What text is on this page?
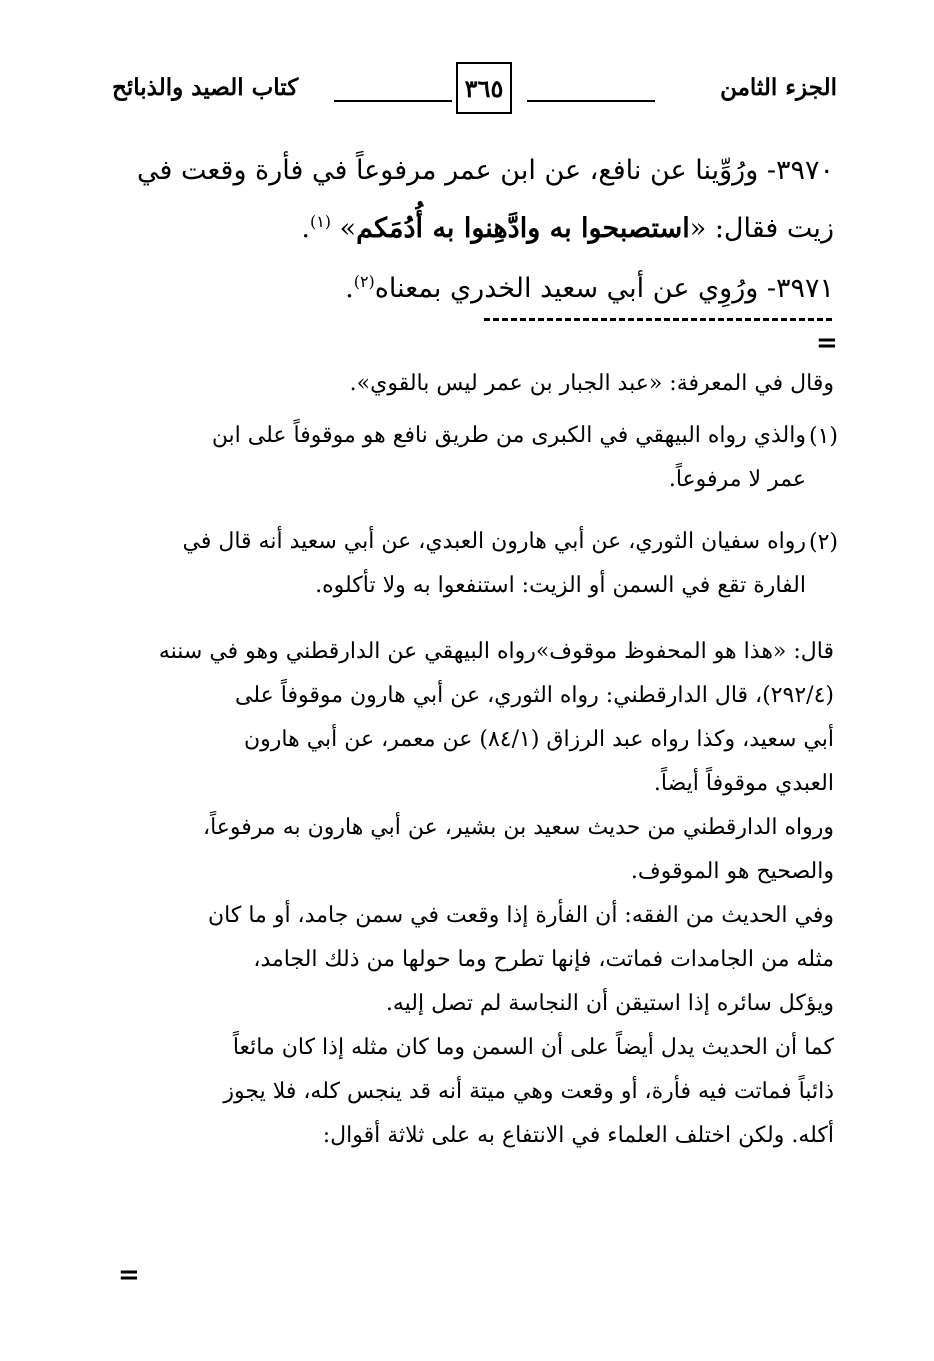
الجزء الثامن
٣٦٥
كتاب الصيد والذبائح
٣٩٧٠- ورُوِّينا عن نافع، عن ابن عمر مرفوعاً في فأرة وقعت في
زيت فقال: «استصبحوا به وادَّهِنوا به أُدُمَكم» $^{(١)}$.
٣٩٧١- ورُوِي عن أبي سعيد الخدري بمعناه$^{(٢)}$.
=
وقال في المعرفة: «عبد الجبار بن عمر ليس بالقوي».
(١)
والذي رواه البيهقي في الكبرى من طريق نافع هو موقوفاً على ابن
عمر لا مرفوعاً.
(٢)
رواه سفيان الثوري، عن أبي هارون العبدي، عن أبي سعيد أنه قال في
الفارة تقع في السمن أو الزيت: استنفعوا به ولا تأكلوه.
قال: «هذا هو المحفوظ موقوف»رواه البيهقي عن الدارقطني وهو في سننه
(٢٩٢/٤)، قال الدارقطني: رواه الثوري، عن أبي هارون موقوفاً على
أبي سعيد، وكذا رواه عبد الرزاق (٨٤/١) عن معمر، عن أبي هارون
العبدي موقوفاً أيضاً.
ورواه الدارقطني من حديث سعيد بن بشير، عن أبي هارون به مرفوعاً،
والصحيح هو الموقوف.
وفي الحديث من الفقه: أن الفأرة إذا وقعت في سمن جامد، أو ما كان
مثله من الجامدات فماتت، فإنها تطرح وما حولها من ذلك الجامد،
ويؤكل سائره إذا استيقن أن النجاسة لم تصل إليه.
كما أن الحديث يدل أيضاً على أن السمن وما كان مثله إذا كان مائعاً
ذائباً فماتت فيه فأرة، أو وقعت وهي ميتة أنه قد ينجس كله، فلا يجوز
أكله. ولكن اختلف العلماء في الانتفاع به على ثلاثة أقوال:
=
